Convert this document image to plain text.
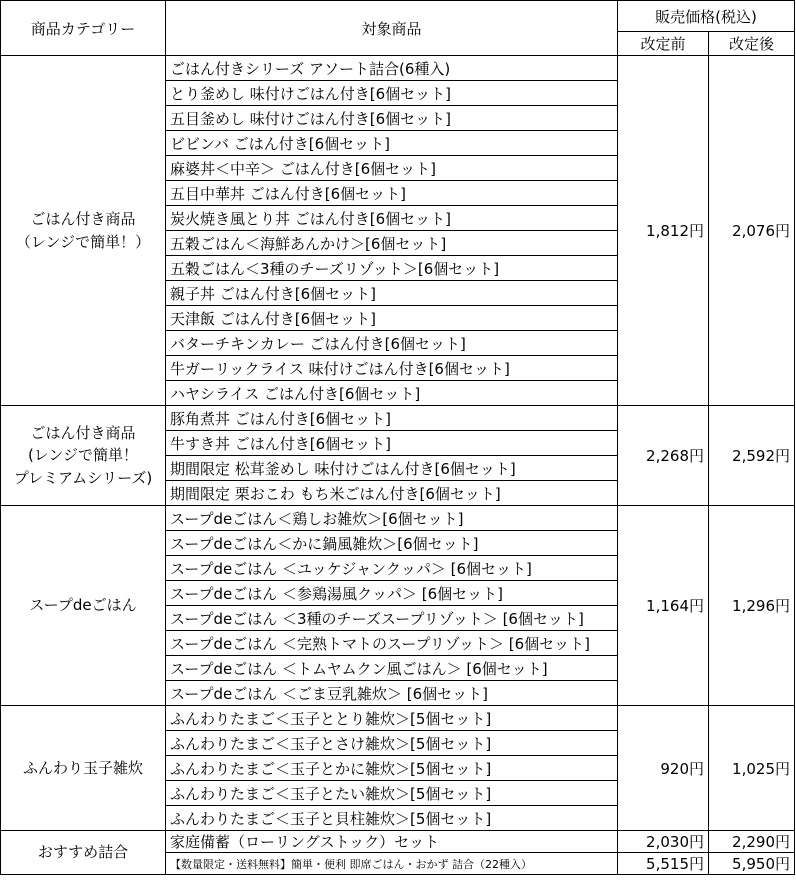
商品カテゴリー	対象商品	販売価格(税込)	
		改定前	改定後
ごはん付き商品
（レンジで簡単！）	ごはん付きシリーズ アソート詰合(6種入)	1,812円	2,076円
	とり釜めし 味付けごはん付き[6個セット]		
	五目釜めし 味付けごはん付き[6個セット]		
	ビビンバ ごはん付き[6個セット]		
	麻婆丼＜中辛＞ ごはん付き[6個セット]		
	五目中華丼 ごはん付き[6個セット]		
	炭火焼き風とり丼 ごはん付き[6個セット]		
	五穀ごはん＜海鮮あんかけ＞[6個セット]		
	五穀ごはん＜3種のチーズリゾット＞[6個セット]		
	親子丼 ごはん付き[6個セット]		
	天津飯 ごはん付き[6個セット]		
	バターチキンカレー ごはん付き[6個セット]		
	牛ガーリックライス 味付けごはん付き[6個セット]		
	ハヤシライス ごはん付き[6個セット]		
ごはん付き商品
(レンジで簡単！
プレミアムシリーズ)	豚角煮丼 ごはん付き[6個セット]	2,268円	2,592円
	牛すき丼 ごはん付き[6個セット]		
	期間限定 松茸釜めし 味付けごはん付き[6個セット]		
	期間限定 栗おこわ もち米ごはん付き[6個セット]		
スープdeごはん	スープdeごはん＜鶏しお雑炊＞[6個セット]	1,164円	1,296円
	スープdeごはん＜かに鍋風雑炊＞[6個セット]		
	スープdeごはん ＜ユッケジャンクッパ＞ [6個セット]		
	スープdeごはん ＜参鶏湯風クッパ＞ [6個セット]		
	スープdeごはん ＜3種のチーズスープリゾット＞ [6個セット]		
	スープdeごはん ＜完熟トマトのスープリゾット＞ [6個セット]		
	スープdeごはん ＜トムヤムクン風ごはん＞ [6個セット]		
	スープdeごはん ＜ごま豆乳雑炊＞ [6個セット]		
ふんわり玉子雑炊	ふんわりたまご＜玉子ととり雑炊＞[5個セット]	920円	1,025円
	ふんわりたまご＜玉子とさけ雑炊＞[5個セット]		
	ふんわりたまご＜玉子とかに雑炊＞[5個セット]		
	ふんわりたまご＜玉子とたい雑炊＞[5個セット]		
	ふんわりたまご＜玉子と貝柱雑炊＞[5個セット]		
おすすめ詰合	家庭備蓄（ローリングストック）セット	2,030円	2,290円
	【数量限定・送料無料】簡単・便利 即席ごはん・おかず 詰合（22種入）	5,515円	5,950円
